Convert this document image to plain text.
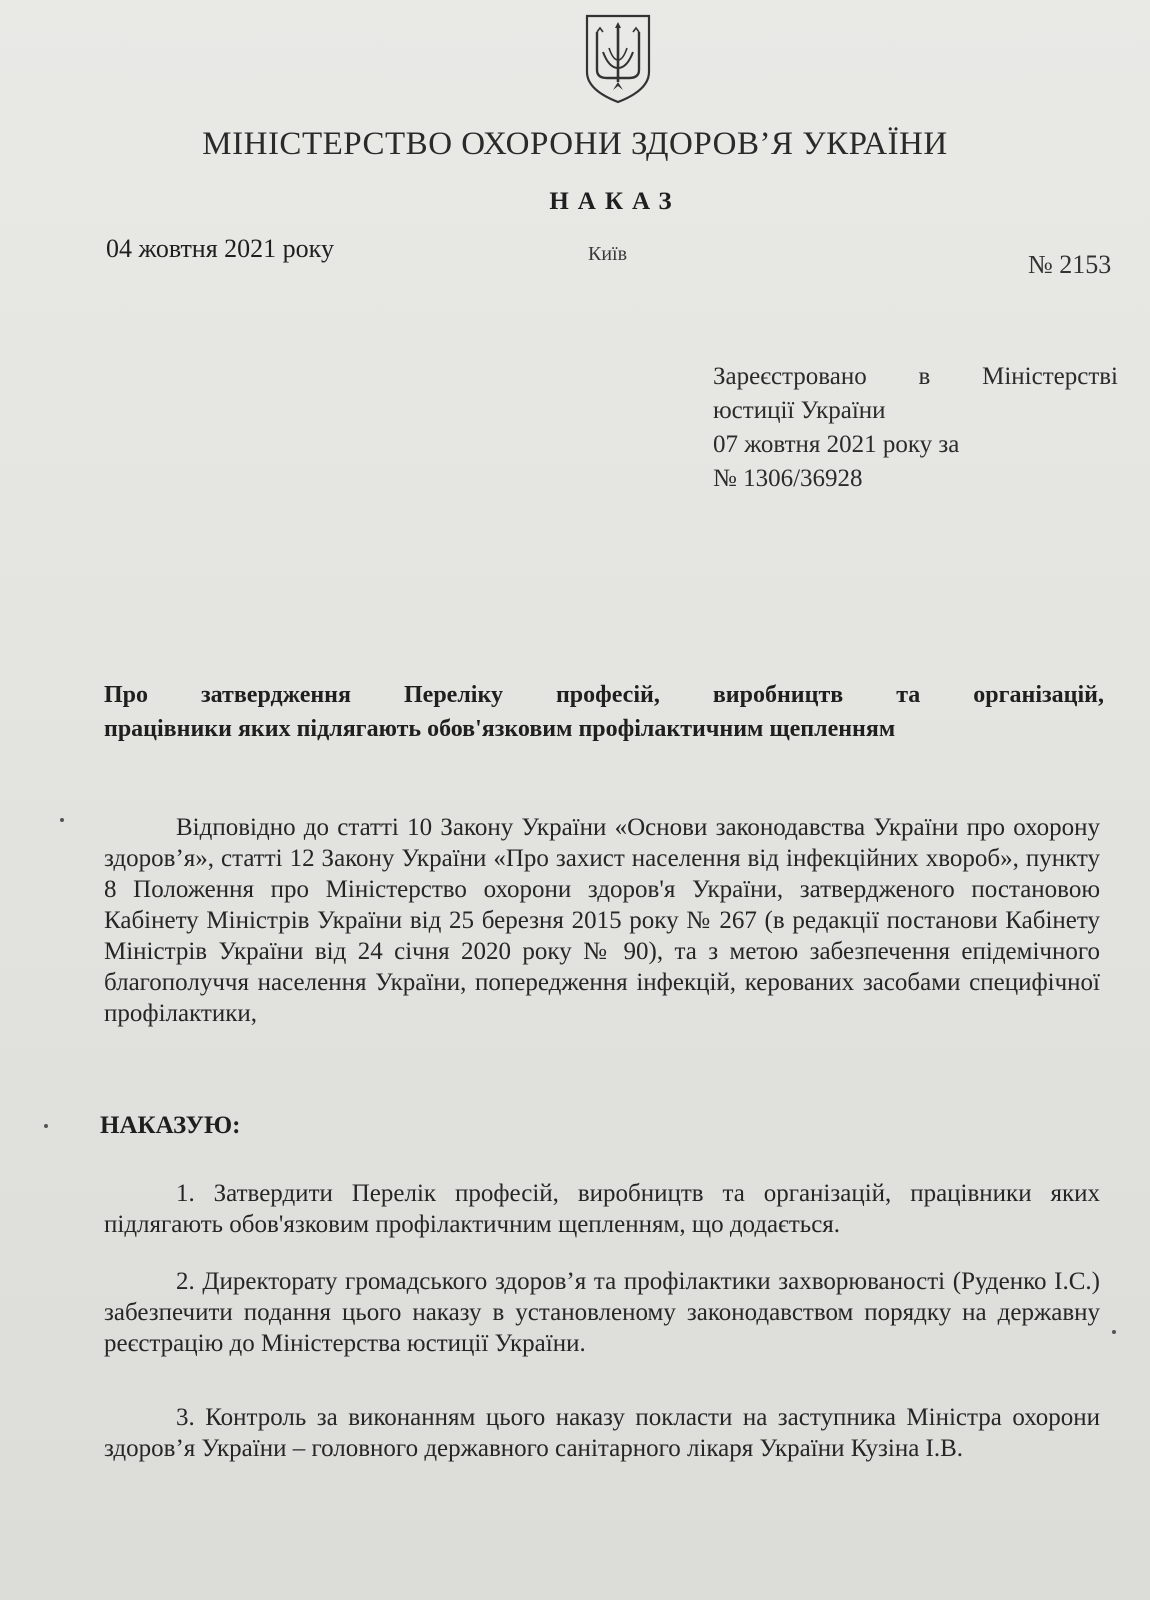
МІНІСТЕРСТВО ОХОРОНИ ЗДОРОВ’Я УКРАЇНИ
НАКАЗ
04 жовтня 2021 року	Київ	№ 2153
Зареєстровано в Міністерстві
юстиції України
07 жовтня 2021 року за
№ 1306/36928
Про затвердження Переліку професій, виробництв та організацій,
працівники яких підлягають обов'язковим профілактичним щепленням
Відповідно до статті 10 Закону України «Основи законодавства України про охорону здоров’я», статті 12 Закону України «Про захист населення від інфекційних хвороб», пункту 8 Положення про Міністерство охорони здоров'я України, затвердженого постановою Кабінету Міністрів України від 25 березня 2015 року № 267 (в редакції постанови Кабінету Міністрів України від 24 січня 2020 року № 90), та з метою забезпечення епідемічного благополуччя населення України, попередження інфекцій, керованих засобами специфічної профілактики,
НАКАЗУЮ:
1. Затвердити Перелік професій, виробництв та організацій, працівники яких підлягають обов'язковим профілактичним щепленням, що додається.
2. Директорату громадського здоров’я та профілактики захворюваності (Руденко І.С.) забезпечити подання цього наказу в установленому законодавством порядку на державну реєстрацію до Міністерства юстиції України.
3. Контроль за виконанням цього наказу покласти на заступника Міністра охорони здоров’я України – головного державного санітарного лікаря України Кузіна І.В.
